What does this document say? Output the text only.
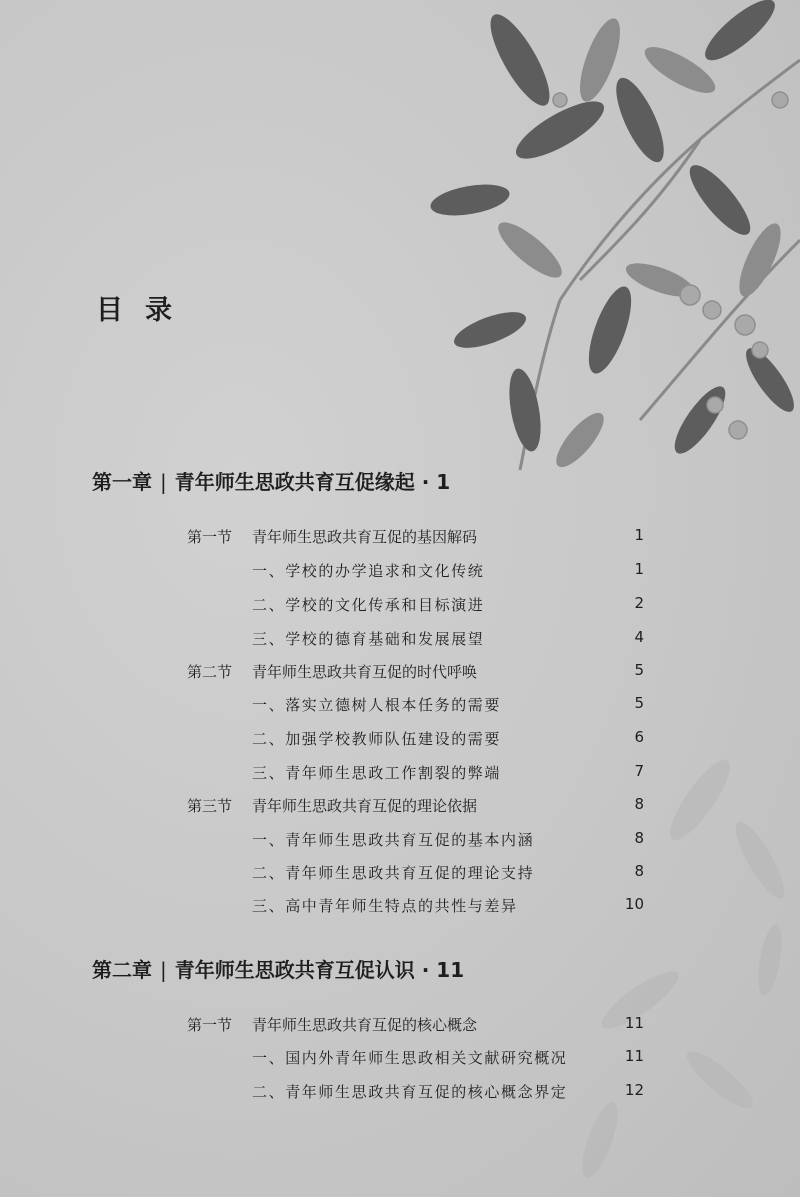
目录
第一章 | 青年师生思政共育互促缘起 · 1
第一节 青年师生思政共育互促的基因解码	1
一、学校的办学追求和文化传统	1
二、学校的文化传承和目标演进	2
三、学校的德育基础和发展展望	4
第二节 青年师生思政共育互促的时代呼唤	5
一、落实立德树人根本任务的需要	5
二、加强学校教师队伍建设的需要	6
三、青年师生思政工作割裂的弊端	7
第三节 青年师生思政共育互促的理论依据	8
一、青年师生思政共育互促的基本内涵	8
二、青年师生思政共育互促的理论支持	8
三、高中青年师生特点的共性与差异	10
第二章 | 青年师生思政共育互促认识 · 11
第一节 青年师生思政共育互促的核心概念	11
一、国内外青年师生思政相关文献研究概况	11
二、青年师生思政共育互促的核心概念界定	12
